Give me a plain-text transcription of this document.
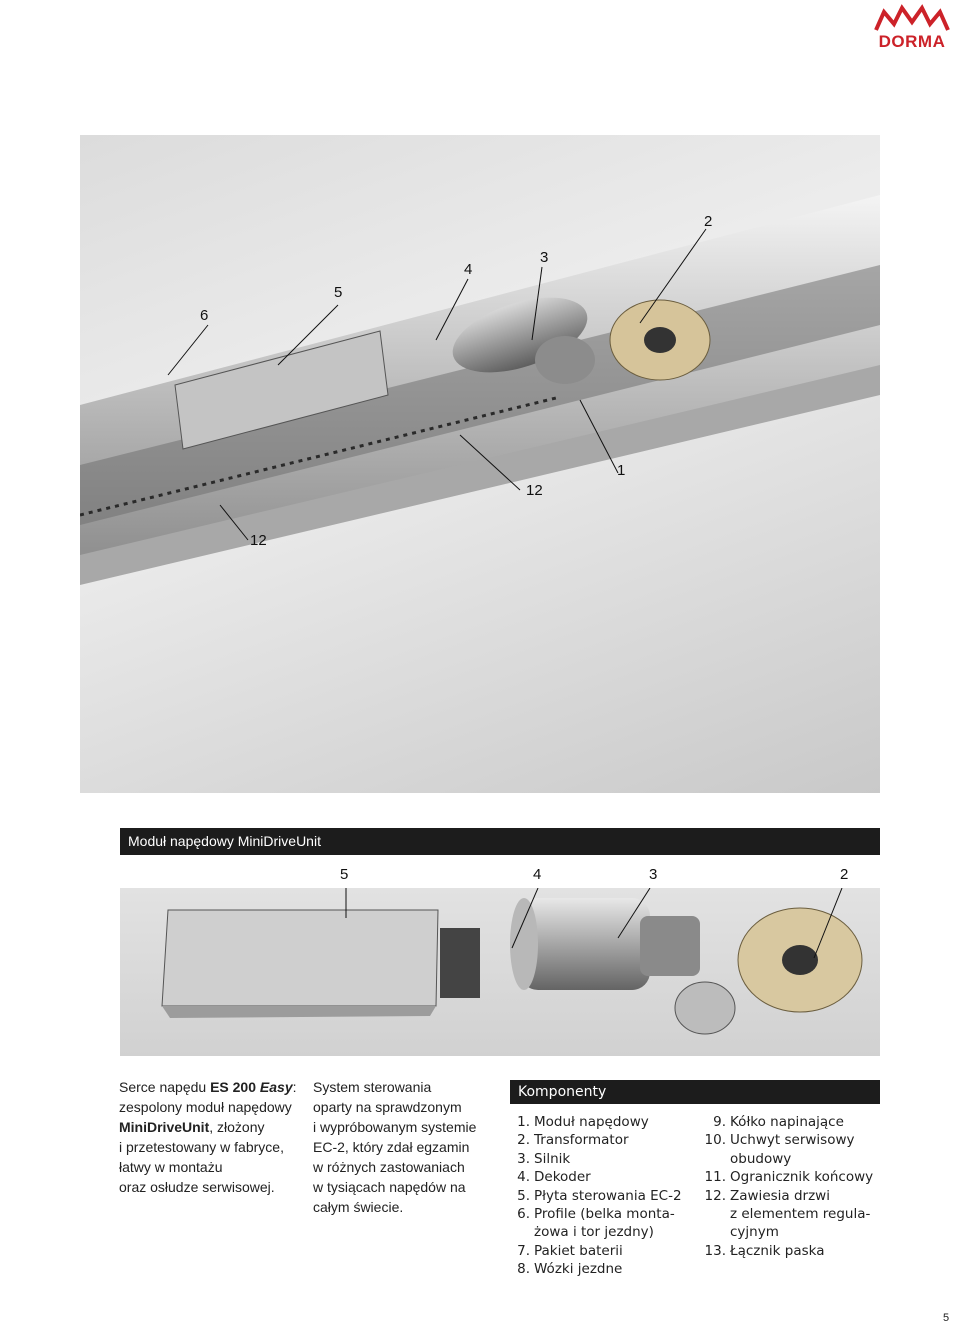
DORMA
2
3
4
5
6
1
12
12
Moduł napędowy MiniDriveUnit
5	4	3	2
Serce napędu ES 200 Easy:
zespolony moduł napędowy
MiniDriveUnit, złożony
i przetestowany w fabryce,
łatwy w montażu
oraz osłudze serwisowej.
System sterowania
oparty na sprawdzonym
i wypróbowanym systemie
EC-2, który zdał egzamin
w różnych zastowaniach
w tysiącach napędów na
całym świecie.
Komponenty
1. Moduł napędowy
2. Transformator
3. Silnik
4. Dekoder
5. Płyta sterowania EC-2
6. Profile (belka monta-
żowa i tor jezdny)
7. Pakiet baterii
8. Wózki jezdne
9. Kółko napinające
10. Uchwyt serwisowy
obudowy
11. Ogranicznik końcowy
12. Zawiesia drzwi
z elementem regula-
cyjnym
13. Łącznik paska
5
